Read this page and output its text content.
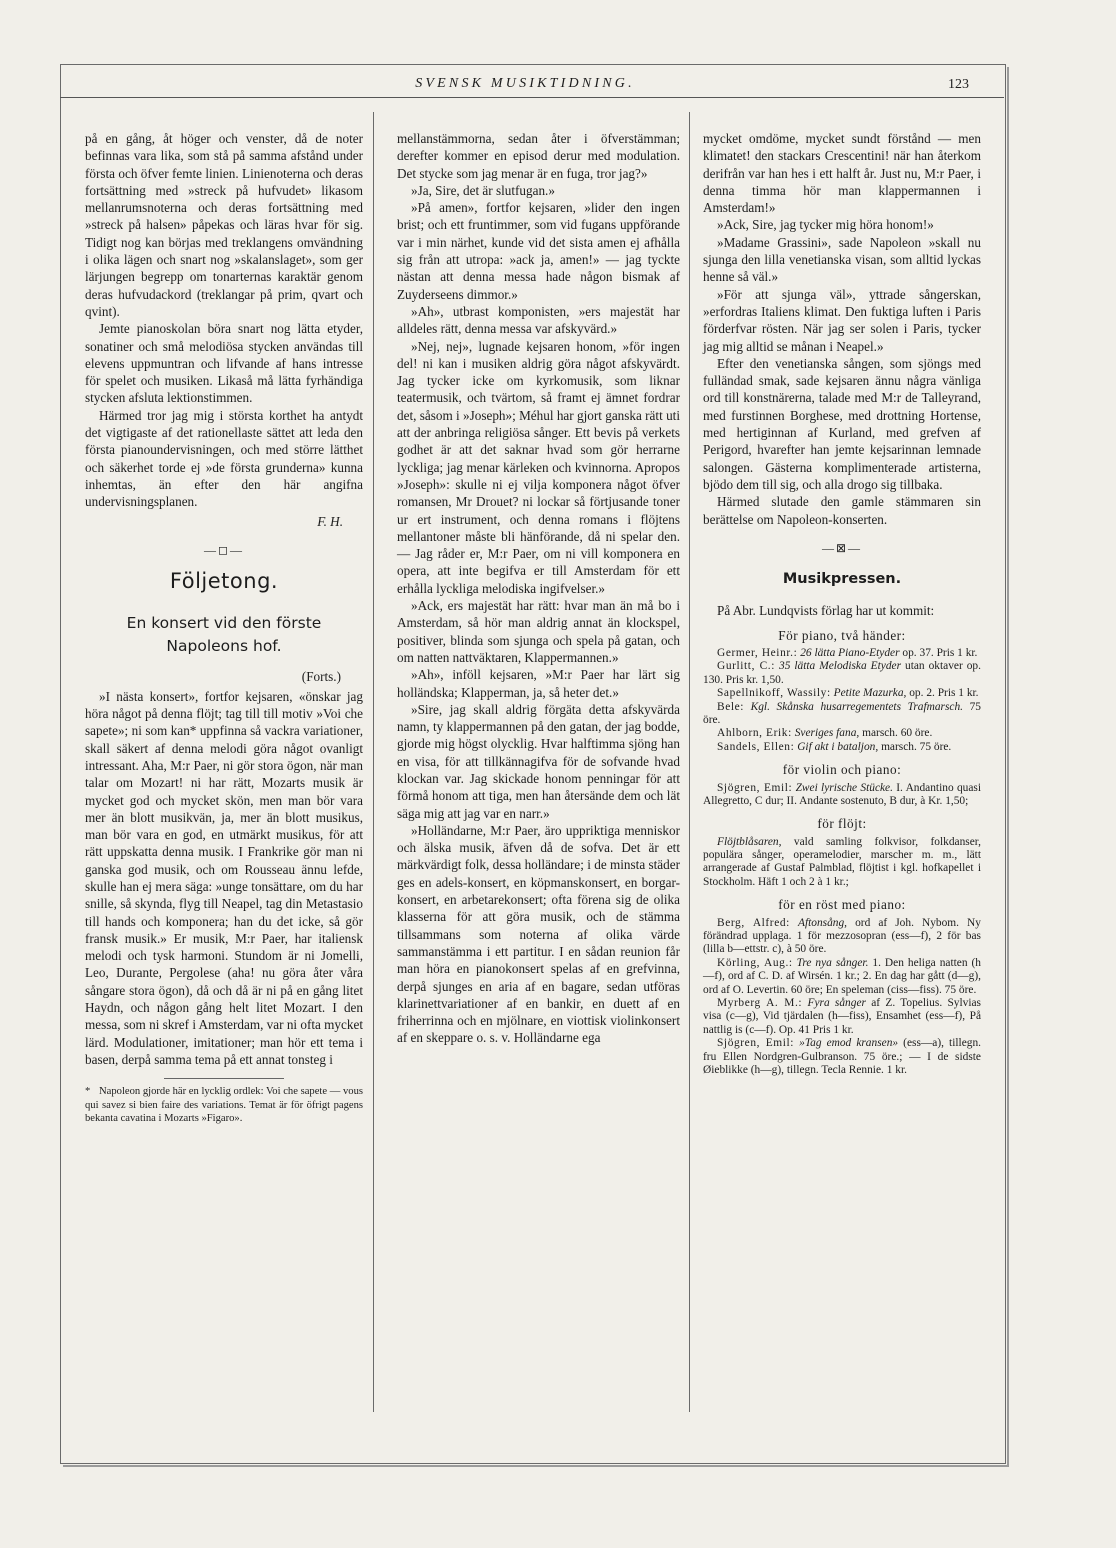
SVENSK MUSIKTIDNING.	123

på en gång, åt höger och venster, då de noter befinnas vara lika, som stå på samma afstånd under första och öfver femte linien. Linienoterna och deras fortsättning med »streck på hufvudet» likasom mellanrumsnoterna och deras fortsättning med »streck på halsen» påpekas och läras hvar för sig. Tidigt nog kan börjas med treklangens omvändning i olika lägen och snart nog »skalanslaget», som ger lärjungen begrepp om tonarternas karaktär genom deras hufvudackord (treklangar på prim, qvart och qvint).

Jemte pianoskolan böra snart nog lätta etyder, sonatiner och små melodiösa stycken användas till elevens uppmuntran och lifvande af hans intresse för spelet och musiken. Likaså må lätta fyrhändiga stycken afsluta lektionstimmen.

Härmed tror jag mig i största korthet ha antydt det vigtigaste af det rationellaste sättet att leda den första pianoundervisningen, och med större lätthet och säkerhet torde ej »de första grunderna» kunna inhemtas, än efter den här angifna undervisningsplanen.

F. H.
—◻—
Följetong.
En konsert vid den förste Napoleons hof.
(Forts.)

»I nästa konsert», fortfor kejsaren, «önskar jag höra något på denna flöjt; tag till till motiv »Voi che sapete»; ni som kan* uppfinna så vackra variationer, skall säkert af denna melodi göra något ovanligt intressant. Aha, M:r Paer, ni gör stora ögon, när man talar om Mozart! ni har rätt, Mozarts musik är mycket god och mycket skön, men man bör vara mer än blott musikvän, ja, mer än blott musikus, man bör vara en god, en utmärkt musikus, för att rätt uppskatta denna musik. I Frankrike gör man ni ganska god musik, och om Rousseau ännu lefde, skulle han ej mera säga: »unge tonsättare, om du har snille, så skynda, flyg till Neapel, tag din Metastasio till hands och komponera; han du det icke, så gör fransk musik.» Er musik, M:r Paer, har italiensk melodi och tysk harmoni. Stundom är ni Jomelli, Leo, Durante, Pergolese (aha! nu göra åter våra sångare stora ögon), då och då är ni på en gång litet Haydn, och någon gång helt litet Mozart. I den messa, som ni skref i Amsterdam, var ni ofta mycket lärd. Modulationer, imitationer; man hör ett tema i basen, derpå samma tema på ett annat tonsteg i

* Napoleon gjorde här en lycklig ordlek: Voi che sapete — vous qui savez si bien faire des variations. Temat är för öfrigt pagens bekanta cavatina i Mozarts »Figaro».

mellanstämmorna, sedan åter i öfverstämman; derefter kommer en episod derur med modulation. Det stycke som jag menar är en fuga, tror jag?»

»Ja, Sire, det är slutfugan.»

»På amen», fortfor kejsaren, »lider den ingen brist; och ett fruntimmer, som vid fugans uppförande var i min närhet, kunde vid det sista amen ej afhålla sig från att utropa: »ack ja, amen!» — jag tyckte nästan att denna messa hade någon bismak af Zuyderseens dimmor.»

»Ah», utbrast komponisten, »ers majestät har alldeles rätt, denna messa var afskyvärd.»

»Nej, nej», lugnade kejsaren honom, »för ingen del! ni kan i musiken aldrig göra något afskyvärdt. Jag tycker icke om kyrkomusik, som liknar teatermusik, och tvärtom, så framt ej ämnet fordrar det, såsom i »Joseph»; Méhul har gjort ganska rätt uti att der anbringa religiösa sånger. Ett bevis på verkets godhet är att det saknar hvad som gör herrarne lyckliga; jag menar kärleken och kvinnorna. Apropos »Joseph»: skulle ni ej vilja komponera något öfver romansen, Mr Drouet? ni lockar så förtjusande toner ur ert instrument, och denna romans i flöjtens mellantoner måste bli hänförande, då ni spelar den. — Jag råder er, M:r Paer, om ni vill komponera en opera, att inte begifva er till Amsterdam för ett erhålla lyckliga melodiska ingifvelser.»

»Ack, ers majestät har rätt: hvar man än må bo i Amsterdam, så hör man aldrig annat än klockspel, positiver, blinda som sjunga och spela på gatan, och om natten nattväktaren, Klappermannen.»

»Ah», inföll kejsaren, »M:r Paer har lärt sig holländska; Klapperman, ja, så heter det.»

»Sire, jag skall aldrig förgäta detta afskyvärda namn, ty klappermannen på den gatan, der jag bodde, gjorde mig högst olycklig. Hvar halftimma sjöng han en visa, för att tillkännagifva för de sofvande hvad klockan var. Jag skickade honom penningar för att förmå honom att tiga, men han återsände dem och lät säga mig att jag var en narr.»

»Holländarne, M:r Paer, äro uppriktiga menniskor och älska musik, äfven då de sofva. Det är ett märkvärdigt folk, dessa holländare; i de minsta städer ges en adels-konsert, en köpmanskonsert, en borgar-konsert, en arbetarekonsert; ofta förena sig de olika klasserna för att göra musik, och de stämma tillsammans som noterna af olika värde sammanstämma i ett partitur. I en sådan reunion får man höra en pianokonsert spelas af en grefvinna, derpå sjunges en aria af en bagare, sedan utföras klarinettvariationer af en bankir, en duett af en friherrinna och en mjölnare, en viottisk violinkonsert af en skeppare o. s. v. Holländarne ega

mycket omdöme, mycket sundt förstånd — men klimatet! den stackars Crescentini! när han återkom derifrån var han hes i ett halft år. Just nu, M:r Paer, i denna timma hör man klappermannen i Amsterdam!»

»Ack, Sire, jag tycker mig höra honom!»

»Madame Grassini», sade Napoleon »skall nu sjunga den lilla venetianska visan, som alltid lyckas henne så väl.»

»För att sjunga väl», yttrade sångerskan, »erfordras Italiens klimat. Den fuktiga luften i Paris förderfvar rösten. När jag ser solen i Paris, tycker jag mig alltid se månan i Neapel.»

Efter den venetianska sången, som sjöngs med fulländad smak, sade kejsaren ännu några vänliga ord till konstnärerna, talade med M:r de Talleyrand, med furstinnen Borghese, med drottning Hortense, med hertiginnan af Kurland, med grefven af Perigord, hvarefter han jemte kejsarinnan lemnade salongen. Gästerna komplimenterade artisterna, bjödo dem till sig, och alla drogo sig tillbaka.

Härmed slutade den gamle stämmaren sin berättelse om Napoleon-konserten.

—⊠—
Musikpressen.

På Abr. Lundqvists förlag har ut kommit:

För piano, två händer:

Germer, Heinr.: 26 lätta Piano-Etyder op. 37. Pris 1 kr.

Gurlitt, C.: 35 lätta Melodiska Etyder utan oktaver op. 130. Pris kr. 1,50.

Sapellnikoff, Wassily: Petite Mazurka, op. 2. Pris 1 kr.

Bele: Kgl. Skånska husarregementets Trafmarsch. 75 öre.

Ahlborn, Erik: Sveriges fana, marsch. 60 öre.

Sandels, Ellen: Gif akt i bataljon, marsch. 75 öre.

för violin och piano:

Sjögren, Emil: Zwei lyrische Stücke. I. Andantino quasi Allegretto, C dur; II. Andante sostenuto, B dur, à Kr. 1,50;

för flöjt:

Flöjtblåsaren, vald samling folkvisor, folkdanser, populära sånger, operamelodier, marscher m. m., lätt arrangerade af Gustaf Palmblad, flöjtist i kgl. hofkapellet i Stockholm. Häft 1 och 2 à 1 kr.;

för en röst med piano:

Berg, Alfred: Aftonsång, ord af Joh. Nybom. Ny förändrad upplaga. 1 för mezzosopran (ess—f), 2 för bas (lilla b—ettstr. c), à 50 öre.

Körling, Aug.: Tre nya sånger. 1. Den heliga natten (h—f), ord af C. D. af Wirsén. 1 kr.; 2. En dag har gått (d—g), ord af O. Levertin. 60 öre; En speleman (ciss—fiss). 75 öre.

Myrberg A. M.: Fyra sånger af Z. Topelius. Sylvias visa (c—g), Vid tjärdalen (h—fiss), Ensamhet (ess—f), På nattlig is (c—f). Op. 41 Pris 1 kr.

Sjögren, Emil: »Tag emod kransen» (ess—a), tillegn. fru Ellen Nordgren-Gulbranson. 75 öre.; — I de sidste Øieblikke (h—g), tillegn. Tecla Rennie. 1 kr.
